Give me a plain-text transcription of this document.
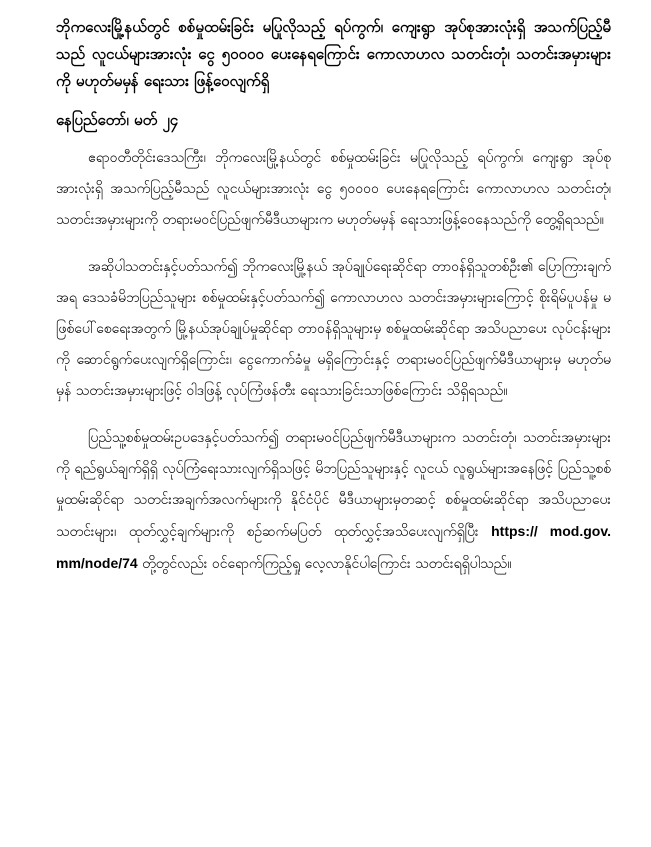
ဘိုကလေးမြို့နယ်တွင် စစ်မှုထမ်းခြင်း မပြုလိုသည့် ရပ်ကွက်၊ ကျေးရွာ အုပ်စုအားလုံးရှိ အသက်ပြည့်မီသည် လူငယ်များအားလုံး ငွေ ၅၀၀၀၀ ပေးနေရကြောင်း ကောလာဟလ သတင်းတုံ၊ သတင်းအမှားများကို မဟုတ်မမှန် ရေးသား ဖြန့်ဝေလျက်ရှိ

နေပြည်တော်၊ မတ် ၂၄

ဧရာဝတီတိုင်းဒေသကြီး၊ ဘိုကလေးမြို့နယ်တွင် စစ်မှုထမ်းခြင်း မပြုလိုသည့် ရပ်ကွက်၊ ကျေးရွာ အုပ်စုအားလုံးရှိ အသက်ပြည့်မီသည် လူငယ်များအားလုံး ငွေ ၅၀၀၀၀ ပေးနေရကြောင်း ကောလာဟလ သတင်းတုံ၊ သတင်းအမှားများကို တရားမဝင်ပြည်ဖျက်မီဒီယာများက မဟုတ်မမှန် ရေးသားဖြန့်ဝေနေသည်ကို တွေ့ရှိရသည်။

အဆိုပါသတင်းနှင့်ပတ်သက်၍ ဘိုကလေးမြို့နယ် အုပ်ချုပ်ရေးဆိုင်ရာ တာဝန်ရှိသူတစ်ဦး၏ ပြောကြားချက်အရ ဒေသခံမိဘပြည်သူများ စစ်မှုထမ်းနှင့်ပတ်သက်၍ ကောလာဟလ သတင်းအမှားများကြောင့် စိုးရိမ်ပူပန်မှု မဖြစ်ပေါ်စေရေးအတွက် မြို့နယ်အုပ်ချုပ်မှုဆိုင်ရာ တာဝန်ရှိသူများမှ စစ်မှုထမ်းဆိုင်ရာ အသိပညာပေး လုပ်ငန်းများကို ဆောင်ရွက်ပေးလျက်ရှိကြောင်း၊ ငွေကောက်ခံမှု မရှိကြောင်းနှင့် တရားမဝင်ပြည်ဖျက်မီဒီယာများမှ မဟုတ်မမှန် သတင်းအမှားများဖြင့် ဝါဒဖြန့် လုပ်ကြံဖန်တီး ရေးသားခြင်းသာဖြစ်ကြောင်း သိရှိရသည်။

ပြည်သူ့စစ်မှုထမ်းဥပဒေနှင့်ပတ်သက်၍ တရားမဝင်ပြည်ဖျက်မီဒီယာများက သတင်းတုံ၊ သတင်းအမှားများကို ရည်ရွယ်ချက်ရှိရှိ လုပ်ကြံရေးသားလျက်ရှိသဖြင့် မိဘပြည်သူများနှင့် လူငယ် လူရွယ်များအနေဖြင့် ပြည်သူ့စစ်မှုထမ်းဆိုင်ရာ သတင်းအချက်အလက်များကို နိုင်ငံပိုင် မီဒီယာများမှတဆင့် စစ်မှုထမ်းဆိုင်ရာ အသိပညာပေး သတင်းများ၊ ထုတ်လွှင့်ချက်များကို စဉ်ဆက်မပြတ် ထုတ်လွှင့်အသိပေးလျက်ရှိပြီး https:// mod.gov. mm/node/74 တို့တွင်လည်း ဝင်ရောက်ကြည့်ရှု လေ့လာနိုင်ပါကြောင်း သတင်းရရှိပါသည်။
